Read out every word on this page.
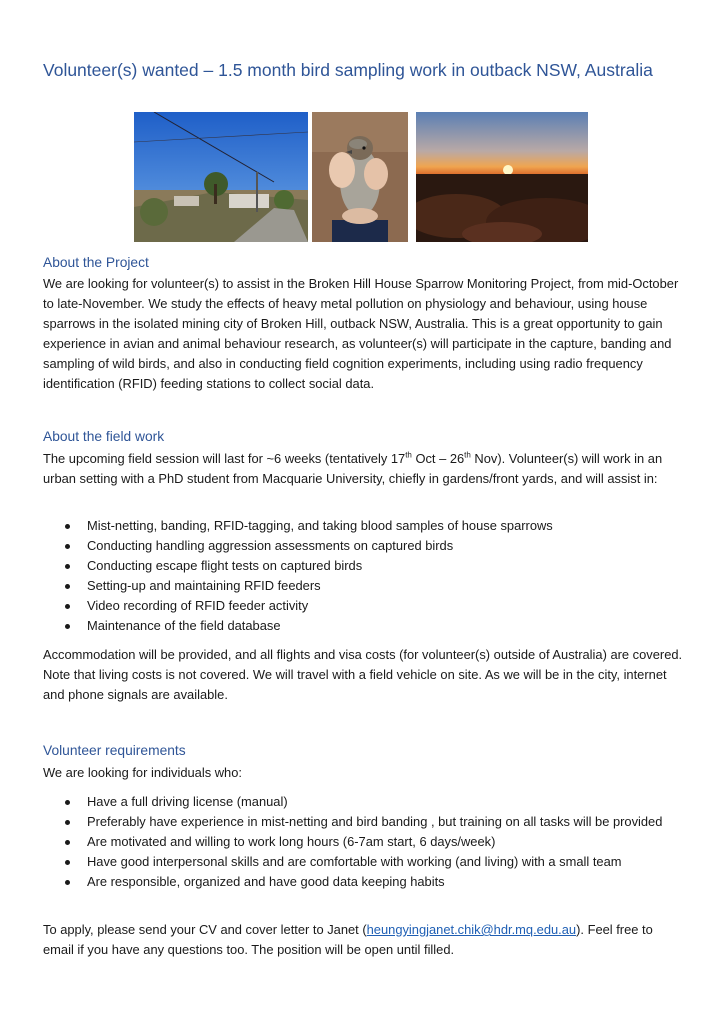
Volunteer(s) wanted – 1.5 month bird sampling work in outback NSW, Australia
About the Project

We are looking for volunteer(s) to assist in the Broken Hill House Sparrow Monitoring Project, from mid-October to late-November. We study the effects of heavy metal pollution on physiology and behaviour, using house sparrows in the isolated mining city of Broken Hill, outback NSW, Australia. This is a great opportunity to gain experience in avian and animal behaviour research, as volunteer(s) will participate in the capture, banding and sampling of wild birds, and also in conducting field cognition experiments, including using radio frequency identification (RFID) feeding stations to collect social data.

About the field work

The upcoming field session will last for ~6 weeks (tentatively 17th Oct – 26th Nov). Volunteer(s) will work in an urban setting with a PhD student from Macquarie University, chiefly in gardens/front yards, and will assist in:

Mist-netting, banding, RFID-tagging, and taking blood samples of house sparrows
Conducting handling aggression assessments on captured birds
Conducting escape flight tests on captured birds
Setting-up and maintaining RFID feeders
Video recording of RFID feeder activity
Maintenance of the field database

Accommodation will be provided, and all flights and visa costs (for volunteer(s) outside of Australia) are covered. Note that living costs is not covered. We will travel with a field vehicle on site. As we will be in the city, internet and phone signals are available.

Volunteer requirements

We are looking for individuals who:

Have a full driving license (manual)
Preferably have experience in mist-netting and bird banding , but training on all tasks will be provided
Are motivated and willing to work long hours (6-7am start, 6 days/week)
Have good interpersonal skills and are comfortable with working (and living) with a small team
Are responsible, organized and have good data keeping habits

To apply, please send your CV and cover letter to Janet (heungyingjanet.chik@hdr.mq.edu.au). Feel free to email if you have any questions too. The position will be open until filled.
